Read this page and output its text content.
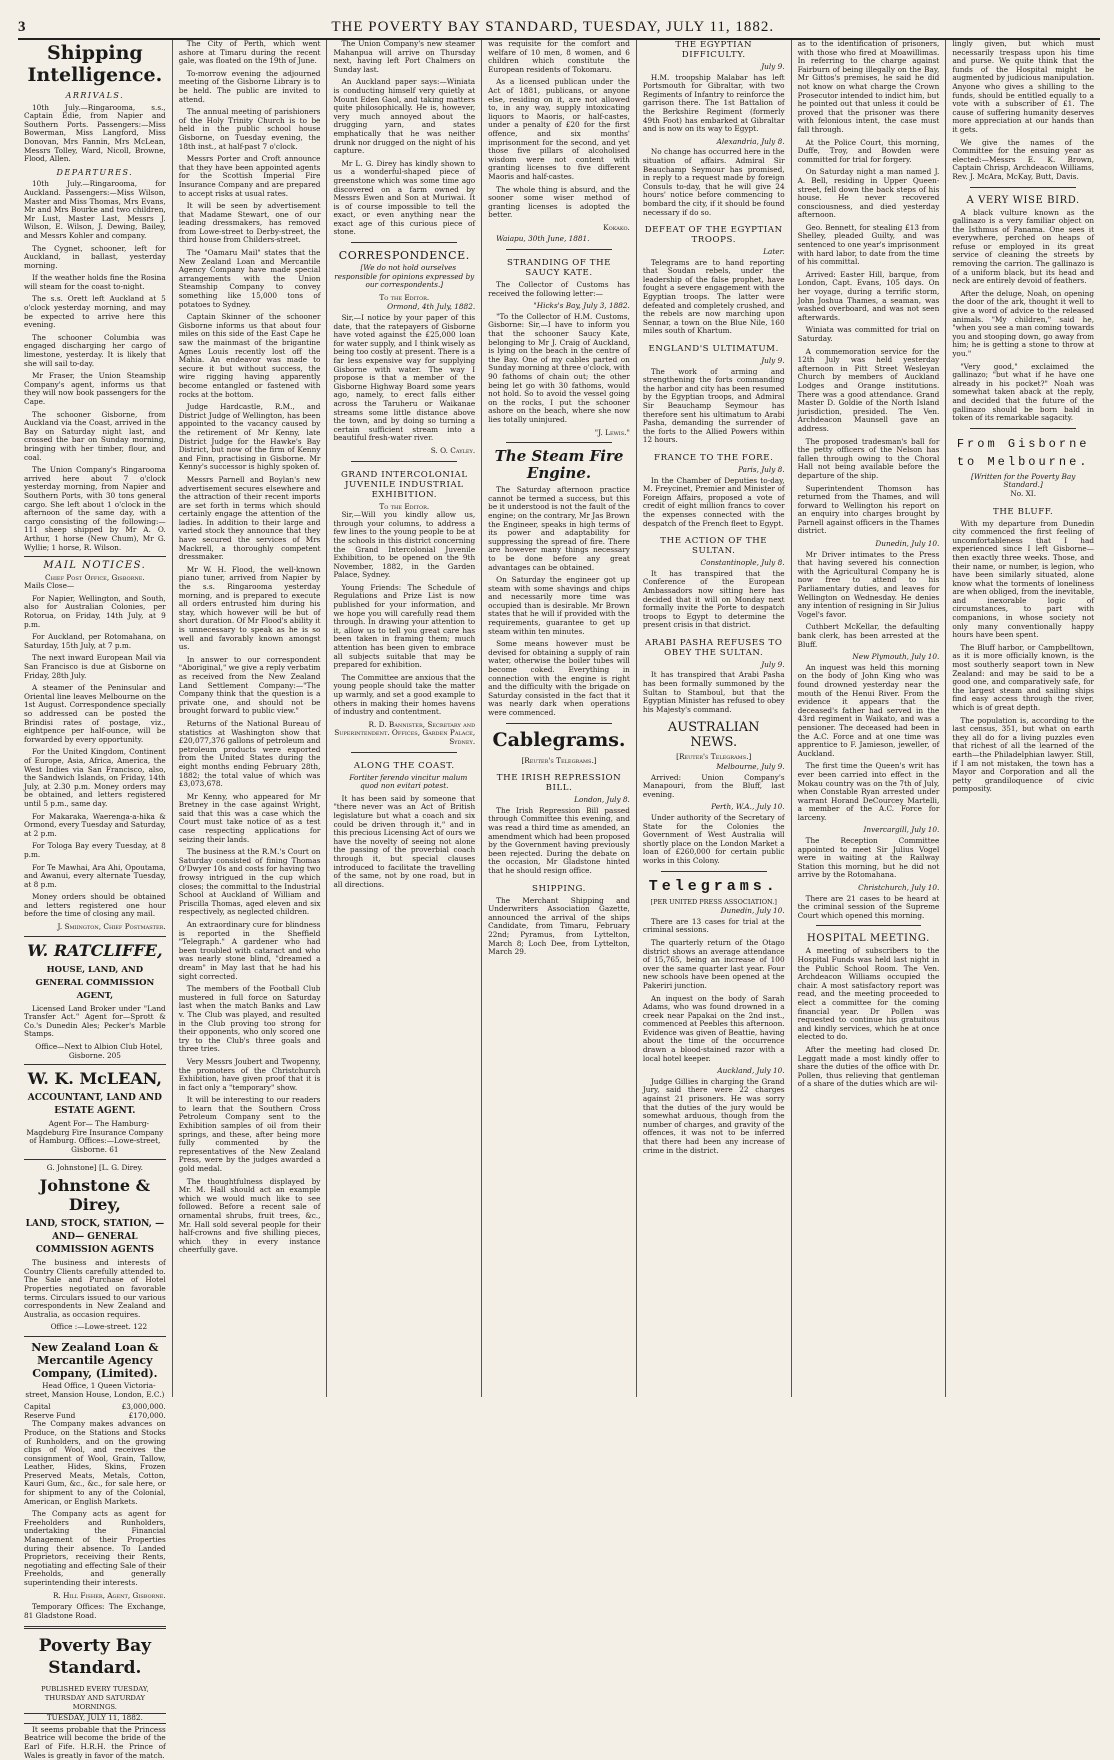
3	THE POVERTY BAY STANDARD, TUESDAY, JULY 11, 1882.
Shipping Intelligence.
ARRIVALS.

10th July.—Ringarooma, s.s., Captain Edie, from Napier and Southern Ports. Passengers:—Miss Bowerman, Miss Langford, Miss Donovan, Mrs Fannin, Mrs McLean, Messrs Tolley, Ward, Nicoll, Browne, Flood, Allen.

DEPARTURES.

10th July.—Ringarooma, for Auckland. Passengers:—Miss Wilson, Master and Miss Thomas, Mrs Evans, Mr and Mrs Bourke and two children, Mr Lust, Master Last, Messrs J. Wilson, E. Wilson, J. Dewing, Bailey, and Messrs Kohler and company.

The Cygnet, schooner, left for Auckland, in ballast, yesterday morning.

If the weather holds fine the Rosina will steam for the coast to-night.

The s.s. Orett left Auckland at 5 o'clock yesterday morning, and may be expected to arrive here this evening.

The schooner Columbia was engaged discharging her cargo of limestone, yesterday. It is likely that she will sail to-day.

Mr Fraser, the Union Steamship Company's agent, informs us that they will now book passengers for the Cape.

The schooner Gisborne, from Auckland via the Coast, arrived in the Bay on Saturday night last, and crossed the bar on Sunday morning, bringing with her timber, flour, and coal.

The Union Company's Ringarooma arrived here about 7 o'clock yesterday morning, from Napier and Southern Ports, with 30 tons general cargo. She left about 1 o'clock in the afternoon of the same day, with a cargo consisting of the following:—111 sheep shipped by Mr A. O. Arthur, 1 horse (New Chum), Mr G. Wyllie; 1 horse, R. Wilson.

MAIL NOTICES.
Chief Post Office, Gisborne.

Mails Close—

For Napier, Wellington, and South, also for Australian Colonies, per Rotorua, on Friday, 14th July, at 9 p.m.

For Auckland, per Rotomahana, on Saturday, 15th July, at 7 p.m.

The next inward European Mail via San Francisco is due at Gisborne on Friday, 28th July.

A steamer of the Peninsular and Oriental line leaves Melbourne on the 1st August. Correspondence specially so addressed can be posted the Brindisi rates of postage, viz., eightpence per half-ounce, will be forwarded by every opportunity.

For the United Kingdom, Continent of Europe, Asia, Africa, America, the West Indies via San Francisco, also, the Sandwich Islands, on Friday, 14th July, at 2.30 p.m. Money orders may be obtained, and letters registered until 5 p.m., same day.

For Makaraka, Waerenga-a-hika & Ormond, every Tuesday and Saturday, at 2 p.m.

For Tologa Bay every Tuesday, at 8 p.m.

For Te Mawhai, Ara Ahi, Opoutama, and Awanui, every alternate Tuesday, at 8 p.m.

Money orders should be obtained and letters registered one hour before the time of closing any mail.

J. Smiington, Chief Postmaster.
W. RATCLIFFE,
HOUSE, LAND, AND GENERAL COMMISSION AGENT,

Licensed Land Broker under "Land Transfer Act." Agent for—Sprott & Co.'s Dunedin Ales; Pecker's Marble Stamps.

Office—Next to Albion Club Hotel, Gisborne. 205

W. K. McLEAN,
ACCOUNTANT, LAND AND ESTATE AGENT.

Agent For— The Hamburg-Magdeburg Fire Insurance Company of Hamburg. Offices:—Lowe-street, Gisborne. 61

G. Johnstone] [L. G. Direy.
Johnstone & Direy,
LAND, STOCK, STATION, —AND— GENERAL COMMISSION AGENTS

The business and interests of Country Clients carefully attended to. The Sale and Purchase of Hotel Properties negotiated on favorable terms. Circulars issued to our various correspondents in New Zealand and Australia, as occasion requires.

Office :—Lowe-street. 122

New Zealand Loan & Mercantile Agency Company, (Limited).

Head Office, 1 Queen Victoria-street, Mansion House, London, E.C.)

Capital	£3,000,000.
Reserve Fund	£170,000.

The Company makes advances on Produce, on the Stations and Stocks of Runholders, and on the growing clips of Wool, and receives the consignment of Wool, Grain, Tallow, Leather, Hides, Skins, Frozen Preserved Meats, Metals, Cotton, Kauri Gum, &c., &c., for sale here, or for shipment to any of the Colonial, American, or English Markets.

The Company acts as agent for Freeholders and Runholders, undertaking the Financial Management of their Properties during their absence. To Landed Proprietors, receiving their Rents, negotiating and effecting Sale of their Freeholds, and generally superintending their interests.

R. Hill Fisher, Agent, Gisborne.

Temporary Offices: The Exchange, 81 Gladstone Road.

Poverty Bay Standard.
PUBLISHED EVERY TUESDAY, THURSDAY AND SATURDAY MORNINGS.
TUESDAY, JULY 11, 1882.

It seems probable that the Princess Beatrice will become the bride of the Earl of Fife. H.R.H. the Prince of Wales is greatly in favor of the match.

The City of Perth, which went ashore at Timaru during the recent gale, was floated on the 19th of June.

To-morrow evening the adjourned meeting of the Gisborne Library is to be held. The public are invited to attend.

The annual meeting of parishioners of the Holy Trinity Church is to be held in the public school house Gisborne, on Tuesday evening, the 18th inst., at half-past 7 o'clock.

Messrs Porter and Croft announce that they have been appointed agents for the Scottish Imperial Fire Insurance Company and are prepared to accept risks at usual rates.

It will be seen by advertisement that Madame Stewart, one of our leading dressmakers, has removed from Lowe-street to Derby-street, the third house from Childers-street.

The "Oamaru Mail" states that the New Zealand Loan and Mercantile Agency Company have made special arrangements with the Union Steamship Company to convey something like 15,000 tons of potatoes to Sydney.

Captain Skinner of the schooner Gisborne informs us that about four miles on this side of the East Cape he saw the mainmast of the brigantine Agnes Louis recently lost off the Mahia. An endeavor was made to secure it but without success, the wire rigging having apparently become entangled or fastened with rocks at the bottom.

Judge Hardcastle, R.M., and District Judge of Wellington, has been appointed to the vacancy caused by the retirement of Mr Kenny, late District Judge for the Hawke's Bay District, but now of the firm of Kenny and Finn, practising in Gisborne. Mr Kenny's successor is highly spoken of.

Messrs Parnell and Boylan's new advertisement secures elsewhere and the attraction of their recent imports are set forth in terms which should certainly engage the attention of the ladies. In addition to their large and varied stock they announce that they have secured the services of Mrs Mackrell, a thoroughly competent dressmaker.

Mr W. H. Flood, the well-known piano tuner, arrived from Napier by the s.s. Ringarooma yesterday morning, and is prepared to execute all orders entrusted him during his stay, which however will be but of short duration. Of Mr Flood's ability it is unnecessary to speak as he is so well and favorably known amongst us.

In answer to our correspondent "Aboriginal," we give a reply verbatim as received from the New Zealand Land Settlement Company:—"The Company think that the question is a private one, and should not be brought forward to public view."

Returns of the National Bureau of statistics at Washington show that £20,077,376 gallons of petroleum and petroleum products were exported from the United States during the eight months ending February 28th, 1882; the total value of which was £3,073,678.

Mr Kenny, who appeared for Mr Bretney in the case against Wright, said that this was a case which the Court must take notice of as a test case respecting applications for seizing their lands.

The business at the R.M.'s Court on Saturday consisted of fining Thomas O'Dwyer 10s and costs for having two frowsy intrigued in the cup which closes; the committal to the Industrial School at Auckland of William and Priscilla Thomas, aged eleven and six respectively, as neglected children.

An extraordinary cure for blindness is reported in the Sheffield "Telegraph." A gardener who had been troubled with cataract and who was nearly stone blind, "dreamed a dream" in May last that he had his sight corrected.

The members of the Football Club mustered in full force on Saturday last when the match Banks and Law v. The Club was played, and resulted in the Club proving too strong for their opponents, who only scored one try to the Club's three goals and three tries.

Very Messrs Joubert and Twopenny, the promoters of the Christchurch Exhibition, have given proof that it is in fact only a "temporary" show.

It will be interesting to our readers to learn that the Southern Cross Petroleum Company sent to the Exhibition samples of oil from their springs, and these, after being more fully commented by the representatives of the New Zealand Press, were by the judges awarded a gold medal.

The thoughtfulness displayed by Mr. M. Hall should act an example which we would much like to see followed. Before a recent sale of ornamental shrubs, fruit trees, &c., Mr. Hall sold several people for their half-crowns and five shilling pieces, which they in every instance cheerfully gave.

The Union Company's new steamer Mahanpua will arrive on Thursday next, having left Port Chalmers on Sunday last.

An Auckland paper says:—Winiata is conducting himself very quietly at Mount Eden Gaol, and taking matters quite philosophically. He is, however, very much annoyed about the drugging yarn, and states emphatically that he was neither drunk nor drugged on the night of his capture.

Mr L. G. Direy has kindly shown to us a wonderful-shaped piece of greenstone which was some time ago discovered on a farm owned by Messrs Ewen and Son at Muriwai. It is of course impossible to tell the exact, or even anything near the exact age of this curious piece of stone.

CORRESPONDENCE.

[We do not hold ourselves responsible for opinions expressed by our correspondents.]

To the Editor.
Ormond, 4th July, 1882.

Sir,—I notice by your paper of this date, that the ratepayers of Gisborne have voted against the £25,000 loan for water supply, and I think wisely as being too costly at present. There is a far less expensive way for supplying Gisborne with water. The way I propose is that a member of the Gisborne Highway Board some years ago, namely, to erect falls either across the Taruheru or Waikanae streams some little distance above the town, and by doing so turning a certain sufficient stream into a beautiful fresh-water river.

S. O. Cayley.
GRAND INTERCOLONIAL JUVENILE INDUSTRIAL EXHIBITION.
To the Editor.

Sir,—Will you kindly allow us, through your columns, to address a few lines to the young people to be at the schools in this district concerning the Grand Intercolonial Juvenile Exhibition, to be opened on the 9th November, 1882, in the Garden Palace, Sydney.

Young Friends: The Schedule of Regulations and Prize List is now published for your information, and we hope you will carefully read them through. In drawing your attention to it, allow us to tell you great care has been taken in framing them; much attention has been given to embrace all subjects suitable that may be prepared for exhibition.

The Committee are anxious that the young people should take the matter up warmly, and set a good example to others in making their homes havens of industry and contentment.

R. D. Bannister, Secretary and Superintendent. Offices, Garden Palace, Sydney.
ALONG THE COAST.

Fortiter ferendo vincitur malum quod non evitari potest.

It has been said by someone that "there never was an Act of British legislature but what a coach and six could be driven through it," and in this precious Licensing Act of ours we have the novelty of seeing not alone the passing of the proverbial coach through it, but special clauses introduced to facilitate the travelling of the same, not by one road, but in all directions.

was requisite for the comfort and welfare of 10 men, 8 women, and 6 children which constitute the European residents of Tokomaru.

As a licensed publican under the Act of 1881, publicans, or anyone else, residing on it, are not allowed to, in any way, supply intoxicating liquors to Maoris, or half-castes, under a penalty of £20 for the first offence, and six months' imprisonment for the second, and yet those five pillars of alcoholised wisdom were not content with granting licenses to five different Maoris and half-castes.

The whole thing is absurd, and the sooner some wiser method of granting licenses is adopted the better.

Kokako.

Waiapu, 30th June, 1881.

STRANDING OF THE SAUCY KATE.

The Collector of Customs has received the following letter:—

"Hicks's Bay, July 3, 1882.

"To the Collector of H.M. Customs, Gisborne: Sir,—I have to inform you that the schooner Saucy Kate, belonging to Mr J. Craig of Auckland, is lying on the beach in the centre of the Bay. One of my cables parted on Sunday morning at three o'clock, with 90 fathoms of chain out; the other being let go with 30 fathoms, would not hold. So to avoid the vessel going on the rocks, I put the schooner ashore on the beach, where she now lies totally uninjured.

"J. Lewis."
The Steam Fire Engine.

The Saturday afternoon practice cannot be termed a success, but this be it understood is not the fault of the engine; on the contrary, Mr Jas Brown the Engineer, speaks in high terms of its power and adaptability for suppressing the spread of fire. There are however many things necessary to be done before any great advantages can be obtained.

On Saturday the engineer got up steam with some shavings and chips and necessarily more time was occupied than is desirable. Mr Brown states that he will if provided with the requirements, guarantee to get up steam within ten minutes.

Some means however must be devised for obtaining a supply of rain water, otherwise the boiler tubes will become coked. Everything in connection with the engine is right and the difficulty with the brigade on Saturday consisted in the fact that it was nearly dark when operations were commenced.

Cablegrams.
[Reuter's Telegrams.]
THE IRISH REPRESSION BILL.
London, July 8.

The Irish Repression Bill passed through Committee this evening, and was read a third time as amended, an amendment which had been proposed by the Government having previously been rejected. During the debate on the occasion, Mr Gladstone hinted that he should resign office.

SHIPPING.

The Merchant Shipping and Underwriters Association Gazette, announced the arrival of the ships Candidate, from Timaru, February 22nd; Pyramus, from Lyttelton, March 8; Loch Dee, from Lyttelton, March 29.

THE EGYPTIAN DIFFICULTY.
July 9.

H.M. troopship Malabar has left Portsmouth for Gibraltar, with two Regiments of Infantry to reinforce the garrison there. The 1st Battalion of the Berkshire Regiment (formerly 49th Foot) has embarked at Gibraltar and is now on its way to Egypt.

Alexandria, July 8.

No change has occurred here in the situation of affairs. Admiral Sir Beauchamp Seymour has promised, in reply to a request made by foreign Consuls to-day, that he will give 24 hours' notice before commencing to bombard the city, if it should be found necessary if do so.

DEFEAT OF THE EGYPTIAN TROOPS.
Later.

Telegrams are to hand reporting that Soudan rebels, under the leadership of the false prophet, have fought a severe engagement with the Egyptian troops. The latter were defeated and completely crushed, and the rebels are now marching upon Sennar, a town on the Blue Nile, 160 miles south of Khartum.

ENGLAND'S ULTIMATUM.
July 9.

The work of arming and strengthening the forts commanding the harbor and city has been resumed by the Egyptian troops, and Admiral Sir Beauchamp Seymour has therefore sent his ultimatum to Arabi Pasha, demanding the surrender of the forts to the Allied Powers within 12 hours.

FRANCE TO THE FORE.
Paris, July 8.

In the Chamber of Deputies to-day, M. Freycinet, Premier and Minister of Foreign Affairs, proposed a vote of credit of eight million francs to cover the expenses connected with the despatch of the French fleet to Egypt.

THE ACTION OF THE SULTAN.
Constantinople, July 8.

It has transpired that the Conference of the European Ambassadors now sitting here has decided that it will on Monday next formally invite the Porte to despatch troops to Egypt to determine the present crisis in that district.

ARABI PASHA REFUSES TO OBEY THE SULTAN.
July 9.

It has transpired that Arabi Pasha has been formally summoned by the Sultan to Stamboul, but that the Egyptian Minister has refused to obey his Majesty's command.

AUSTRALIAN NEWS.
[Reuter's Telegrams.]
Melbourne, July 9.

Arrived: Union Company's Manapouri, from the Bluff, last evening.

Perth, W.A., July 10.

Under authority of the Secretary of State for the Colonies the Government of West Australia will shortly place on the London Market a loan of £260,000 for certain public works in this Colony.

Telegrams.
[PER UNITED PRESS ASSOCIATION.]
Dunedin, July 10.

There are 13 cases for trial at the criminal sessions.

The quarterly return of the Otago district shows an average attendance of 15,765, being an increase of 100 over the same quarter last year. Four new schools have been opened at the Pakeriri junction.

An inquest on the body of Sarah Adams, who was found drowned in a creek near Papakai on the 2nd inst., commenced at Peebles this afternoon. Evidence was given of Beattie, having about the time of the occurrence drawn a blood-stained razor with a local hotel keeper.

Auckland, July 10.

Judge Gillies in charging the Grand Jury, said there were 22 charges against 21 prisoners. He was sorry that the duties of the jury would be somewhat arduous, though from the number of charges, and gravity of the offences, it was not to be inferred that there had been any increase of crime in the district.

as to the identification of prisoners, with those who fired at Moawillimas. In referring to the charge against Fairburn of being illegally on the Bay, Mr Gittos's premises, he said he did not know on what charge the Crown Prosecutor intended to indict him, but he pointed out that unless it could be proved that the prisoner was there with felonious intent, the case must fall through.

At the Police Court, this morning, Duffe, Troy, and Bowden were committed for trial for forgery.

On Saturday night a man named J. A. Bell, residing in Upper Queen-street, fell down the back steps of his house. He never recovered consciousness, and died yesterday afternoon.

Geo. Bennett, for stealing £13 from Shelley, pleaded Guilty, and was sentenced to one year's imprisonment with hard labor, to date from the time of his committal.

Arrived: Easter Hill, barque, from London, Capt. Evans, 105 days. On her voyage, during a terrific storm, John Joshua Thames, a seaman, was washed overboard, and was not seen afterwards.

Winiata was committed for trial on Saturday.

A commemoration service for the 12th July was held yesterday afternoon in Pitt Street Wesleyan Church by members of Auckland Lodges and Orange institutions. There was a good attendance. Grand Master D. Goldie of the North Island jurisdiction, presided. The Ven. Archdeacon Maunsell gave an address.

The proposed tradesman's ball for the petty officers of the Nelson has fallen through owing to the Choral Hall not being available before the departure of the ship.

Superintendent Thomson has returned from the Thames, and will forward to Wellington his report on an enquiry into charges brought by Parnell against officers in the Thames district.

Dunedin, July 10.

Mr Driver intimates to the Press that having severed his connection with the Agricultural Company he is now free to attend to his Parliamentary duties, and leaves for Wellington on Wednesday. He denies any intention of resigning in Sir Julius Vogel's favor.

Cuthbert McKellar, the defaulting bank clerk, has been arrested at the Bluff.

New Plymouth, July 10.

An inquest was held this morning on the body of John King who was found drowned yesterday near the mouth of the Henui River. From the evidence it appears that the deceased's father had served in the 43rd regiment in Waikato, and was a pensioner. The deceased had been in the A.C. Force and at one time was apprentice to F. Jamieson, jeweller, of Auckland.

The first time the Queen's writ has ever been carried into effect in the Mokau country was on the 7th of July, when Constable Ryan arrested under warrant Horand DeCourcey Martelli, a member of the A.C. Force for larceny.

Invercargill, July 10.

The Reception Committee appointed to meet Sir Julius Vogel were in waiting at the Railway Station this morning, but he did not arrive by the Rotomahana.

Christchurch, July 10.

There are 21 cases to be heard at the criminal session of the Supreme Court which opened this morning.

HOSPITAL MEETING.

A meeting of subscribers to the Hospital Funds was held last night in the Public School Room. The Ven. Archdeacon Williams occupied the chair. A most satisfactory report was read, and the meeting proceeded to elect a committee for the coming financial year. Dr Pollen was requested to continue his gratuitous and kindly services, which he at once elected to do.

After the meeting had closed Dr. Leggatt made a most kindly offer to share the duties of the office with Dr. Pollen, thus relieving that gentleman of a share of the duties which are wil-

lingly given, but which must necessarily trespass upon his time and purse. We quite think that the funds of the Hospital might be augmented by judicious manipulation. Anyone who gives a shilling to the funds, should be entitled equally to a vote with a subscriber of £1. The cause of suffering humanity deserves more appreciation at our hands than it gets.

We give the names of the Committee for the ensuing year as elected:—Messrs E. K. Brown, Captain Chrisp, Archdeacon Williams, Rev. J. McAra, McKay, Butt, Davis.

A VERY WISE BIRD.

A black vulture known as the gallinazo is a very familiar object on the Isthmus of Panama. One sees it everywhere, perched on heaps of refuse or employed in its great service of cleaning the streets by removing the carrion. The gallinazo is of a uniform black, but its head and neck are entirely devoid of feathers.

After the deluge, Noah, on opening the door of the ark, thought it well to give a word of advice to the released animals. "My children," said he, "when you see a man coming towards you and stooping down, go away from him; he is getting a stone to throw at you."

"Very good," exclaimed the gallinazo; "but what if he have one already in his pocket?" Noah was somewhat taken aback at the reply, and decided that the future of the gallinazo should be born bald in token of its remarkable sagacity.

From Gisborne to Melbourne.
[Written for the Poverty Bay Standard.]
No. XI.
THE BLUFF.

With my departure from Dunedin city commenced the first feeling of uncomfortableness that I had experienced since I left Gisborne—then exactly three weeks. Those, and their name, or number, is legion, who have been similarly situated, alone know what the torments of loneliness are when obliged, from the inevitable, and inexorable logic of circumstances, to part with companions, in whose society not only many conventionally happy hours have been spent.

The Bluff harbor, or Campbelltown, as it is more officially known, is the most southerly seaport town in New Zealand: and may be said to be a good one, and comparatively safe, for the largest steam and sailing ships find easy access through the river, which is of great depth.

The population is, according to the last census, 351, but what on earth they all do for a living puzzles even that richest of all the learned of the earth—the Philadelphian lawyer. Still, if I am not mistaken, the town has a Mayor and Corporation and all the petty grandiloquence of civic pomposity.
